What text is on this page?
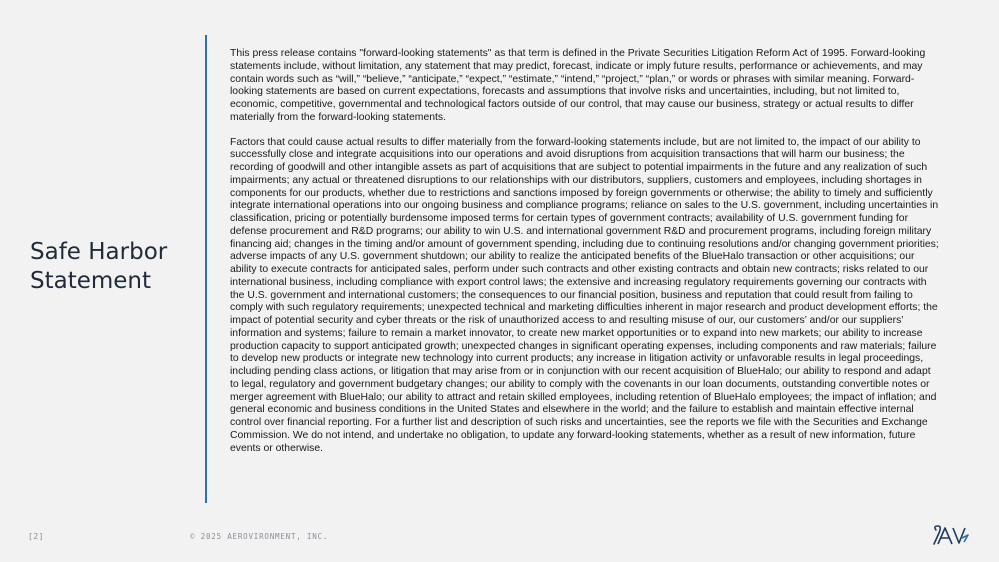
Safe Harbor
Statement

This press release contains "forward-looking statements" as that term is defined in the Private Securities Litigation Reform Act of 1995. Forward-looking statements include, without limitation, any statement that may predict, forecast, indicate or imply future results, performance or achievements, and may contain words such as “will,” “believe,” “anticipate,” “expect,” “estimate,” “intend,” “project,” “plan,” or words or phrases with similar meaning. Forward-looking statements are based on current expectations, forecasts and assumptions that involve risks and uncertainties, including, but not limited to, economic, competitive, governmental and technological factors outside of our control, that may cause our business, strategy or actual results to differ materially from the forward-looking statements.

Factors that could cause actual results to differ materially from the forward-looking statements include, but are not limited to, the impact of our ability to successfully close and integrate acquisitions into our operations and avoid disruptions from acquisition transactions that will harm our business; the recording of goodwill and other intangible assets as part of acquisitions that are subject to potential impairments in the future and any realization of such impairments; any actual or threatened disruptions to our relationships with our distributors, suppliers, customers and employees, including shortages in components for our products, whether due to restrictions and sanctions imposed by foreign governments or otherwise; the ability to timely and sufficiently integrate international operations into our ongoing business and compliance programs; reliance on sales to the U.S. government, including uncertainties in classification, pricing or potentially burdensome imposed terms for certain types of government contracts; availability of U.S. government funding for defense procurement and R&D programs; our ability to win U.S. and international government R&D and procurement programs, including foreign military financing aid; changes in the timing and/or amount of government spending, including due to continuing resolutions and/or changing government priorities; adverse impacts of any U.S. government shutdown; our ability to realize the anticipated benefits of the BlueHalo transaction or other acquisitions; our ability to execute contracts for anticipated sales, perform under such contracts and other existing contracts and obtain new contracts; risks related to our international business, including compliance with export control laws; the extensive and increasing regulatory requirements governing our contracts with the U.S. government and international customers; the consequences to our financial position, business and reputation that could result from failing to comply with such regulatory requirements; unexpected technical and marketing difficulties inherent in major research and product development efforts; the impact of potential security and cyber threats or the risk of unauthorized access to and resulting misuse of our, our customers’ and/or our suppliers’ information and systems; failure to remain a market innovator, to create new market opportunities or to expand into new markets; our ability to increase production capacity to support anticipated growth; unexpected changes in significant operating expenses, including components and raw materials; failure to develop new products or integrate new technology into current products; any increase in litigation activity or unfavorable results in legal proceedings, including pending class actions, or litigation that may arise from or in conjunction with our recent acquisition of BlueHalo; our ability to respond and adapt to legal, regulatory and government budgetary changes; our ability to comply with the covenants in our loan documents, outstanding convertible notes or merger agreement with BlueHalo; our ability to attract and retain skilled employees, including retention of BlueHalo employees; the impact of inflation; and general economic and business conditions in the United States and elsewhere in the world; and the failure to establish and maintain effective internal control over financial reporting. For a further list and description of such risks and uncertainties, see the reports we file with the Securities and Exchange Commission. We do not intend, and undertake no obligation, to update any forward-looking statements, whether as a result of new information, future events or otherwise.

[2]	© 2025 AEROVIRONMENT, INC.
